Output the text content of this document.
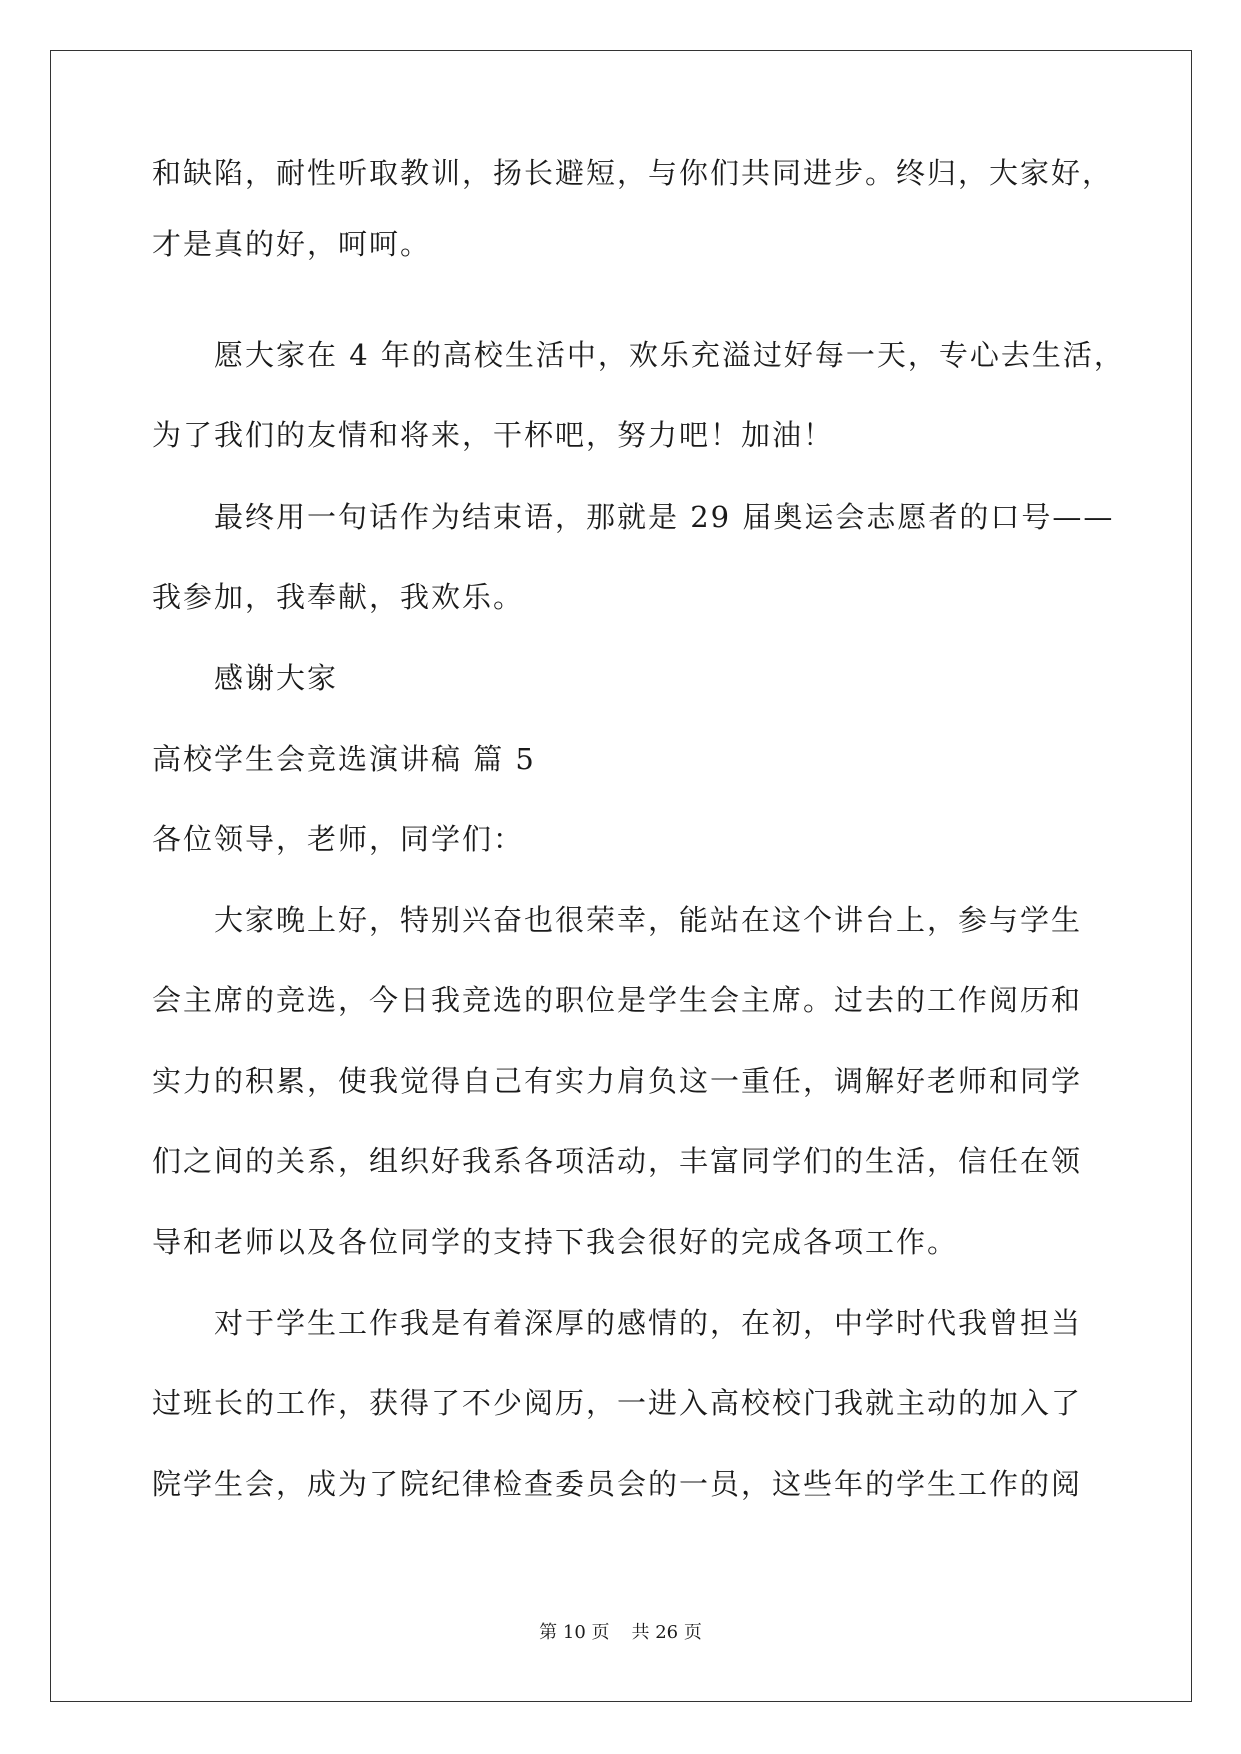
和缺陷，耐性听取教训，扬长避短，与你们共同进步。终归，大家好，
才是真的好，呵呵。
愿大家在 4 年的高校生活中，欢乐充溢过好每一天，专心去生活，
为了我们的友情和将来，干杯吧，努力吧！加油！
最终用一句话作为结束语，那就是 29 届奥运会志愿者的口号——
我参加，我奉献，我欢乐。
感谢大家
高校学生会竞选演讲稿 篇 5
各位领导，老师，同学们：
大家晚上好，特别兴奋也很荣幸，能站在这个讲台上，参与学生
会主席的竞选，今日我竞选的职位是学生会主席。过去的工作阅历和
实力的积累，使我觉得自己有实力肩负这一重任，调解好老师和同学
们之间的关系，组织好我系各项活动，丰富同学们的生活，信任在领
导和老师以及各位同学的支持下我会很好的完成各项工作。
对于学生工作我是有着深厚的感情的，在初，中学时代我曾担当
过班长的工作，获得了不少阅历，一进入高校校门我就主动的加入了
院学生会，成为了院纪律检查委员会的一员，这些年的学生工作的阅
第 10 页 共 26 页
